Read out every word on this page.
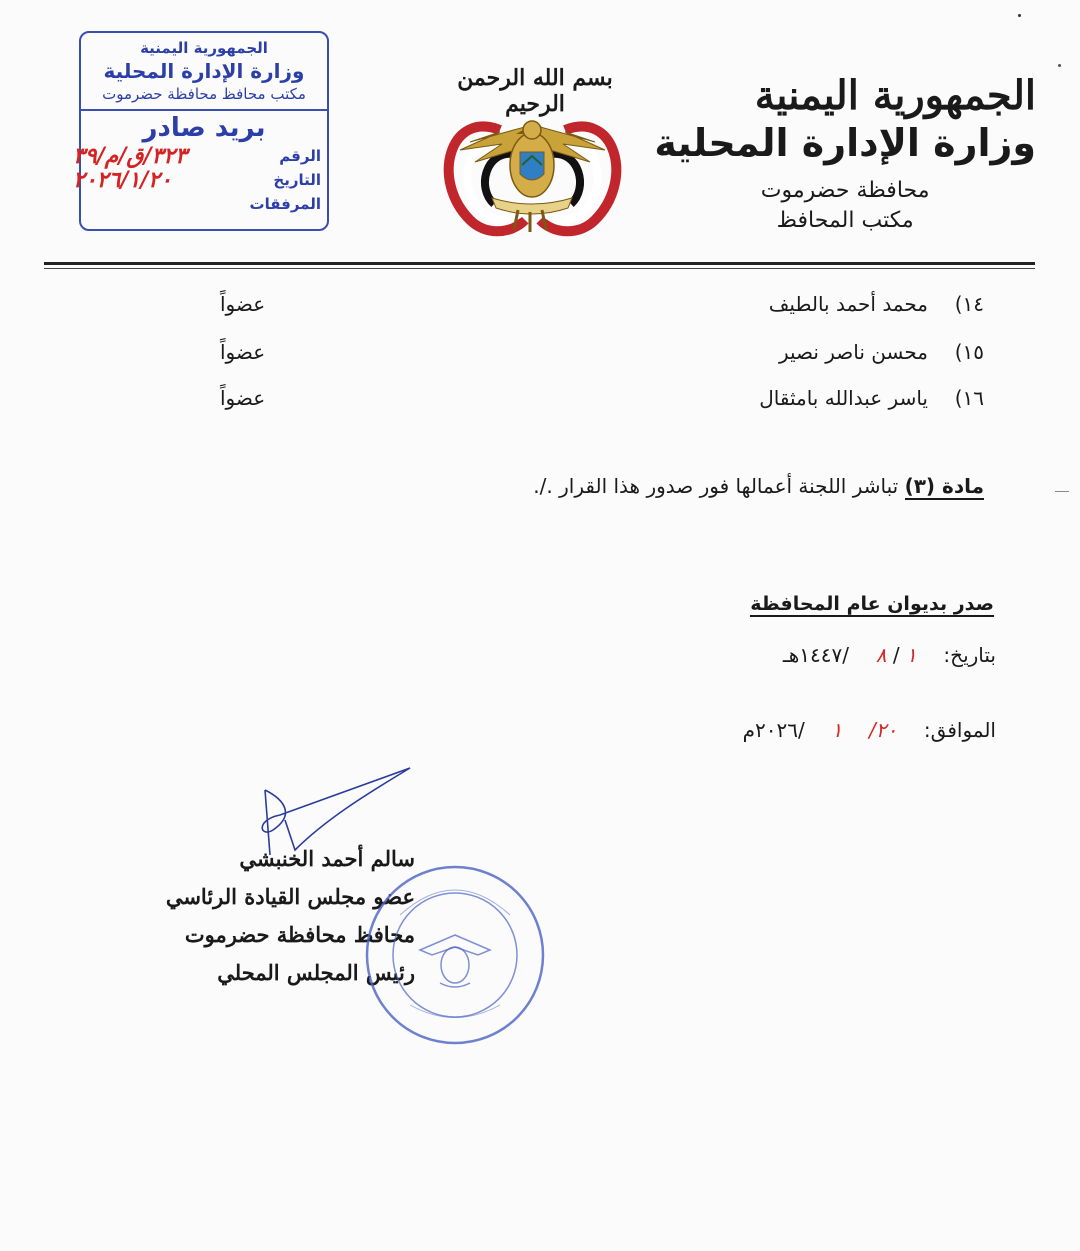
الجمهورية اليمنية
وزارة الإدارة المحلية
مكتب محافظ محافظة حضرموت
بريد صادر
الرقم
٣٢٣/ق/م/٣٩
التاريخ
٢٠٢٦/١/٢٠
المرفقات
بسم الله الرحمن الرحيم	الجمهورية اليمنية
وزارة الإدارة المحلية
محافظة حضرموت
مكتب المحافظ
١٤)
محمد أحمد بالطيف
عضواً
١٥)
محسن ناصر نصير
عضواً
١٦)
ياسر عبدالله بامثقال
عضواً
مادة (٣) تباشر اللجنة أعمالها فور صدور هذا القرار ./.
صدر بديوان عام المحافظة
بتاريخ:  ١ / ٨  /١٤٤٧هـ
الموافق:  ٢٠/  ١  /٢٠٢٦م
سالم أحمد الخنبشي
عضو مجلس القيادة الرئاسي
محافظ محافظة حضرموت
رئيس المجلس المحلي
